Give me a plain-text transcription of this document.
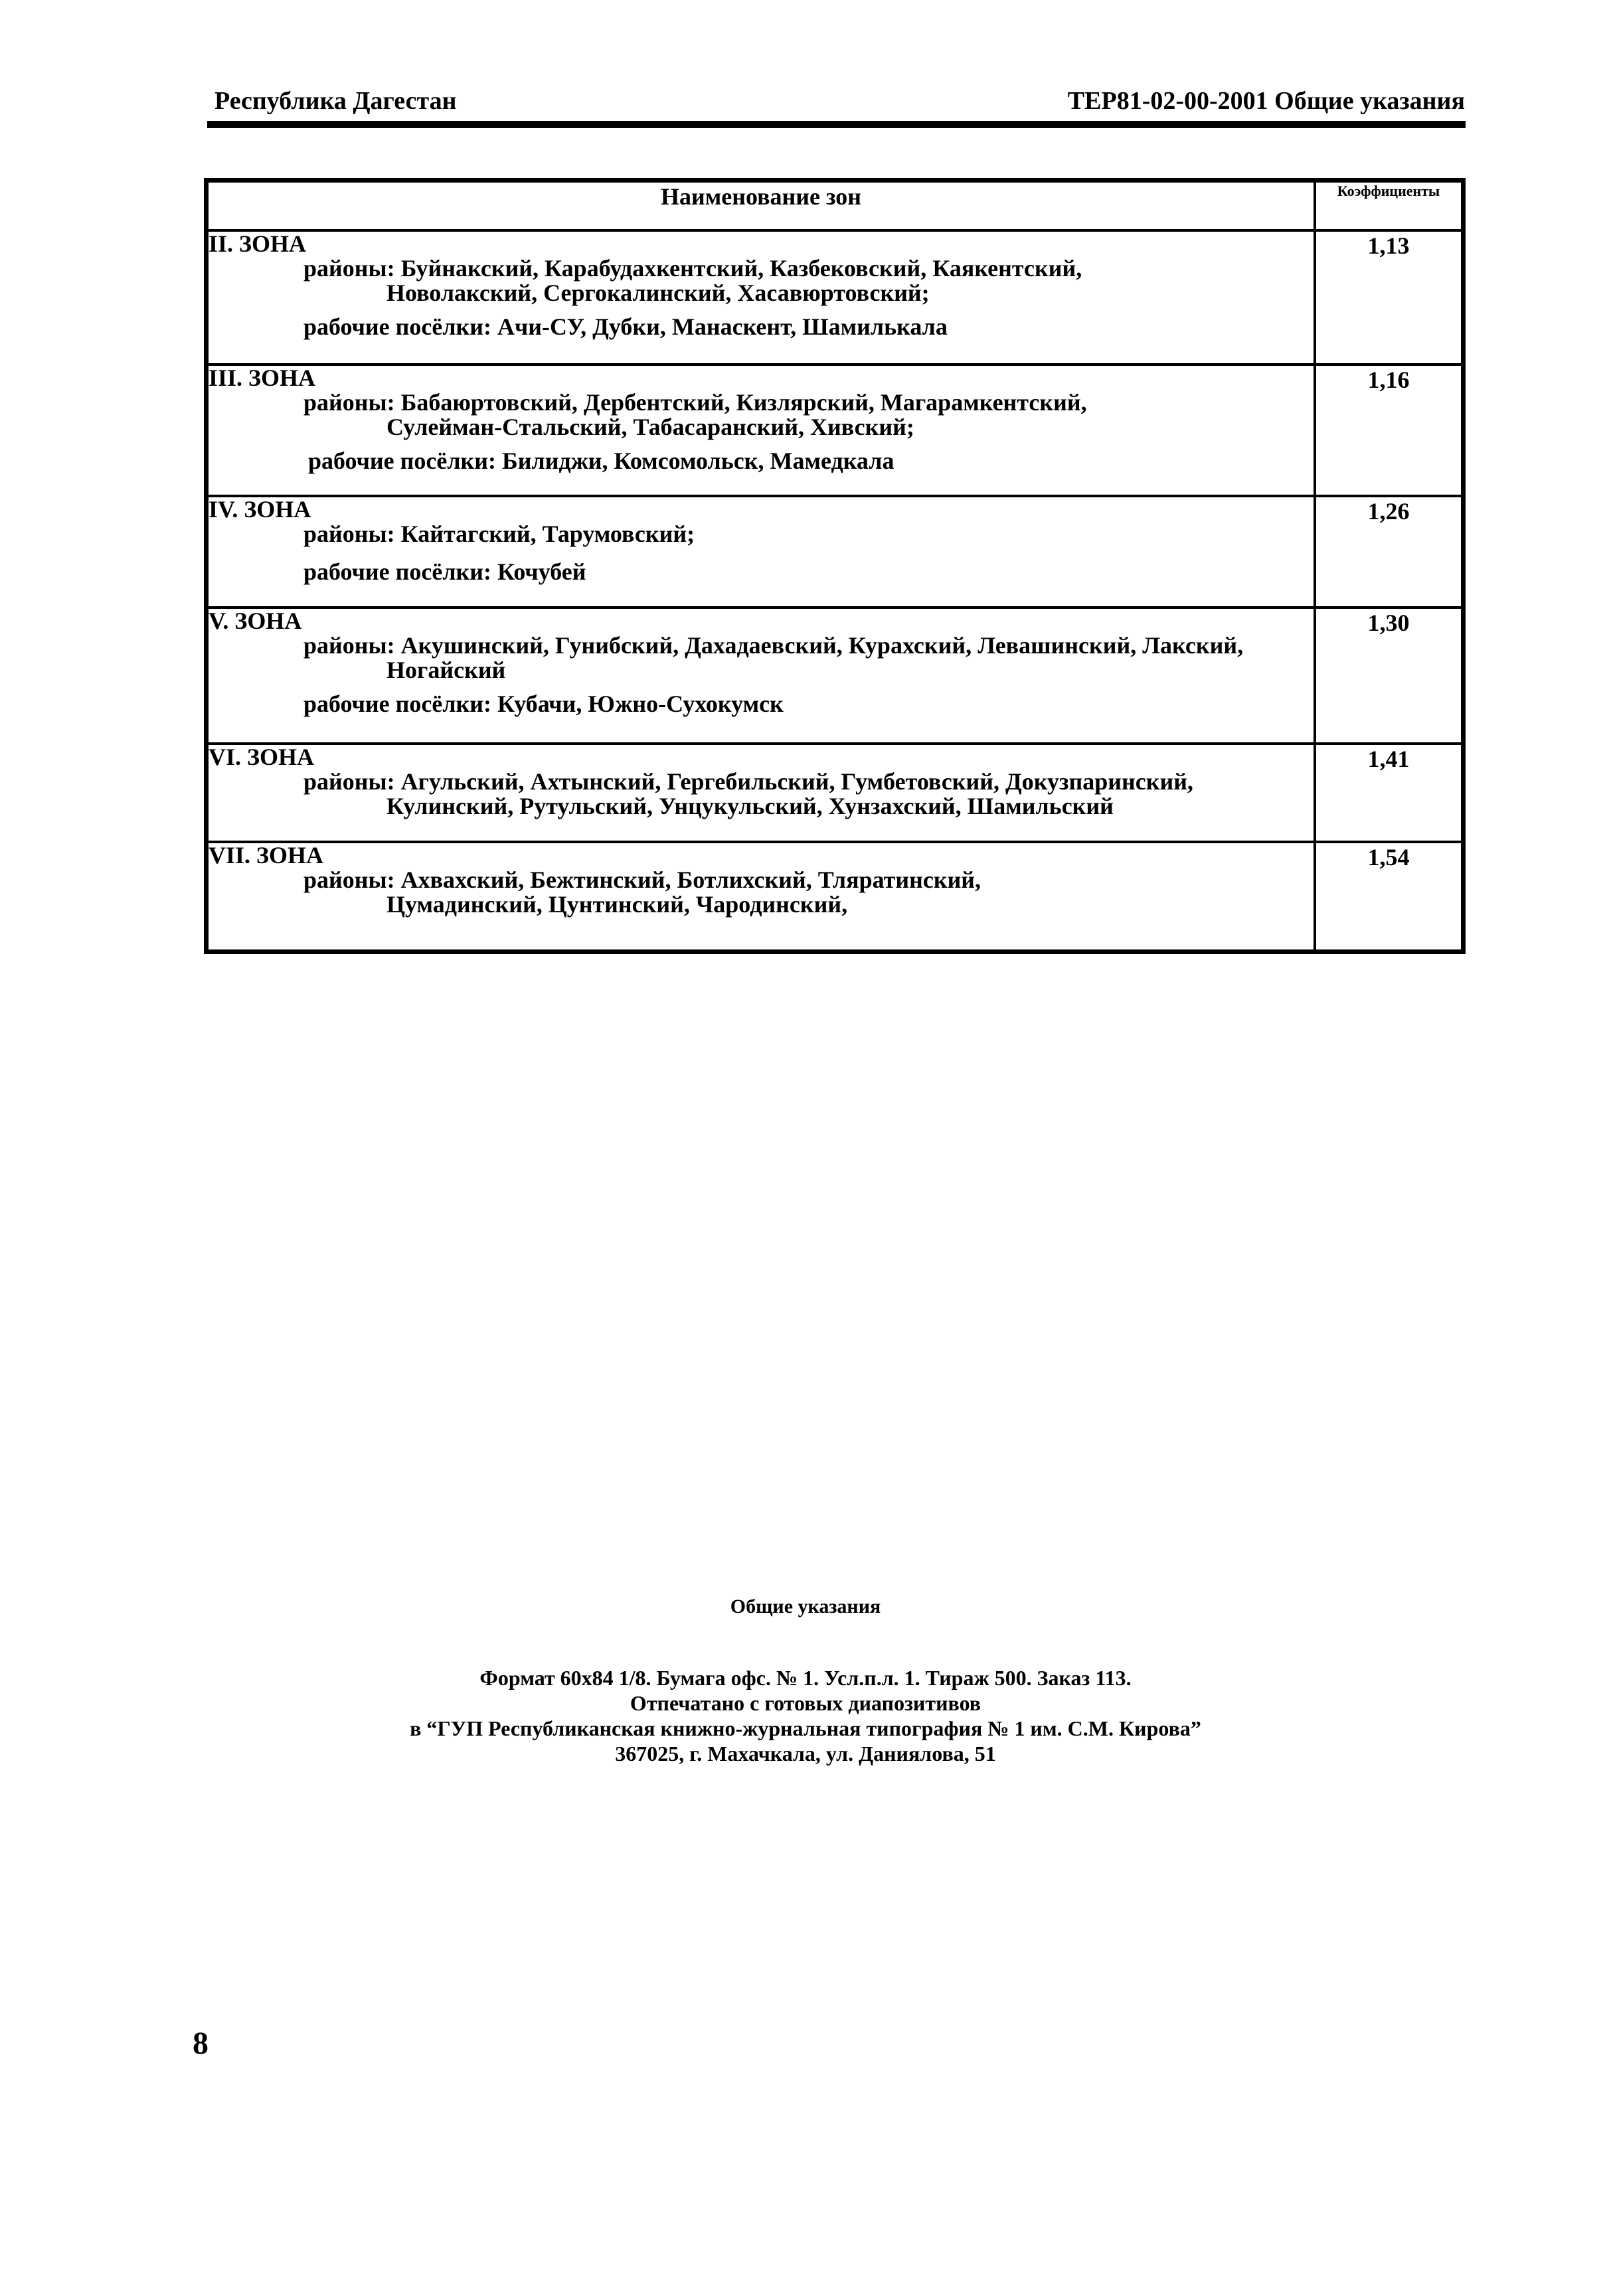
Республика Дагестан	ТЕР81-02-00-2001 Общие указания
Наименование зон	Коэффициенты

II. ЗОНА
районы: Буйнакский, Карабудахкентский, Казбековский, Каякентский,
Новолакский, Сергокалинский, Хасавюртовский;
рабочие посёлки: Ачи-СУ, Дубки, Манаскент, Шамилькала	1,13

III. ЗОНА
районы: Бабаюртовский, Дербентский, Кизлярский, Магарамкентский,
Сулейман-Стальский, Табасаранский, Хивский;
рабочие посёлки: Билиджи, Комсомольск, Мамедкала	1,16

IV. ЗОНА
районы: Кайтагский, Тарумовский;
рабочие посёлки: Кочубей	1,26

V. ЗОНА
районы: Акушинский, Гунибский, Дахадаевский, Курахский, Левашинский, Лакский,
Ногайский
рабочие посёлки: Кубачи, Южно-Сухокумск	1,30

VI. ЗОНА
районы: Агульский, Ахтынский, Гергебильский, Гумбетовский, Докузпаринский,
Кулинский, Рутульский, Унцукульский, Хунзахский, Шамильский	1,41

VII. ЗОНА
районы: Ахвахский, Бежтинский, Ботлихский, Тляратинский,
Цумадинский, Цунтинский, Чародинский,	1,54
Общие указания
Формат 60х84 1/8. Бумага офс. № 1. Усл.п.л. 1. Тираж 500. Заказ 113.
Отпечатано с готовых диапозитивов
в “ГУП Республиканская книжно-журнальная типография № 1 им. С.М. Кирова”
367025, г. Махачкала, ул. Даниялова, 51
8
